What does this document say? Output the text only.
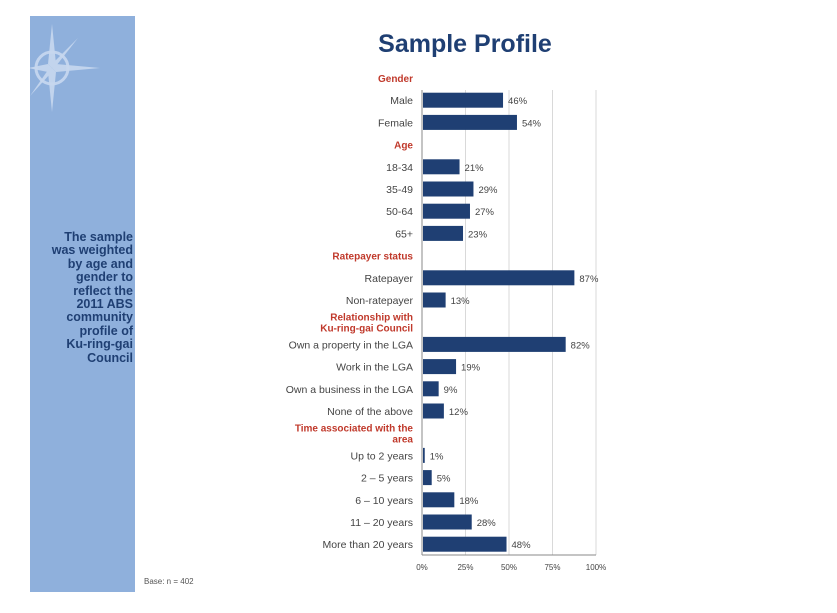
The sample
was weighted
by age and
gender to
reflect the
2011 ABS
community
profile of
Ku-ring-gai
Council
Sample Profile
0%	25%	50%	75%	100%
Gender
Male	46%
Female	54%
Age
18-34	21%
35-49	29%
50-64	27%
65+	23%
Ratepayer status
Ratepayer	87%
Non-ratepayer	13%
Relationship with
Ku-ring-gai Council
Own a property in the LGA	82%
Work in the LGA	19%
Own a business in the LGA	9%
None of the above	12%
Time associated with the
area
Up to 2 years 1%
2 – 5 years 5%
6 – 10 years	18%
11 – 20 years	28%
More than 20 years	48%
Base: n = 402
